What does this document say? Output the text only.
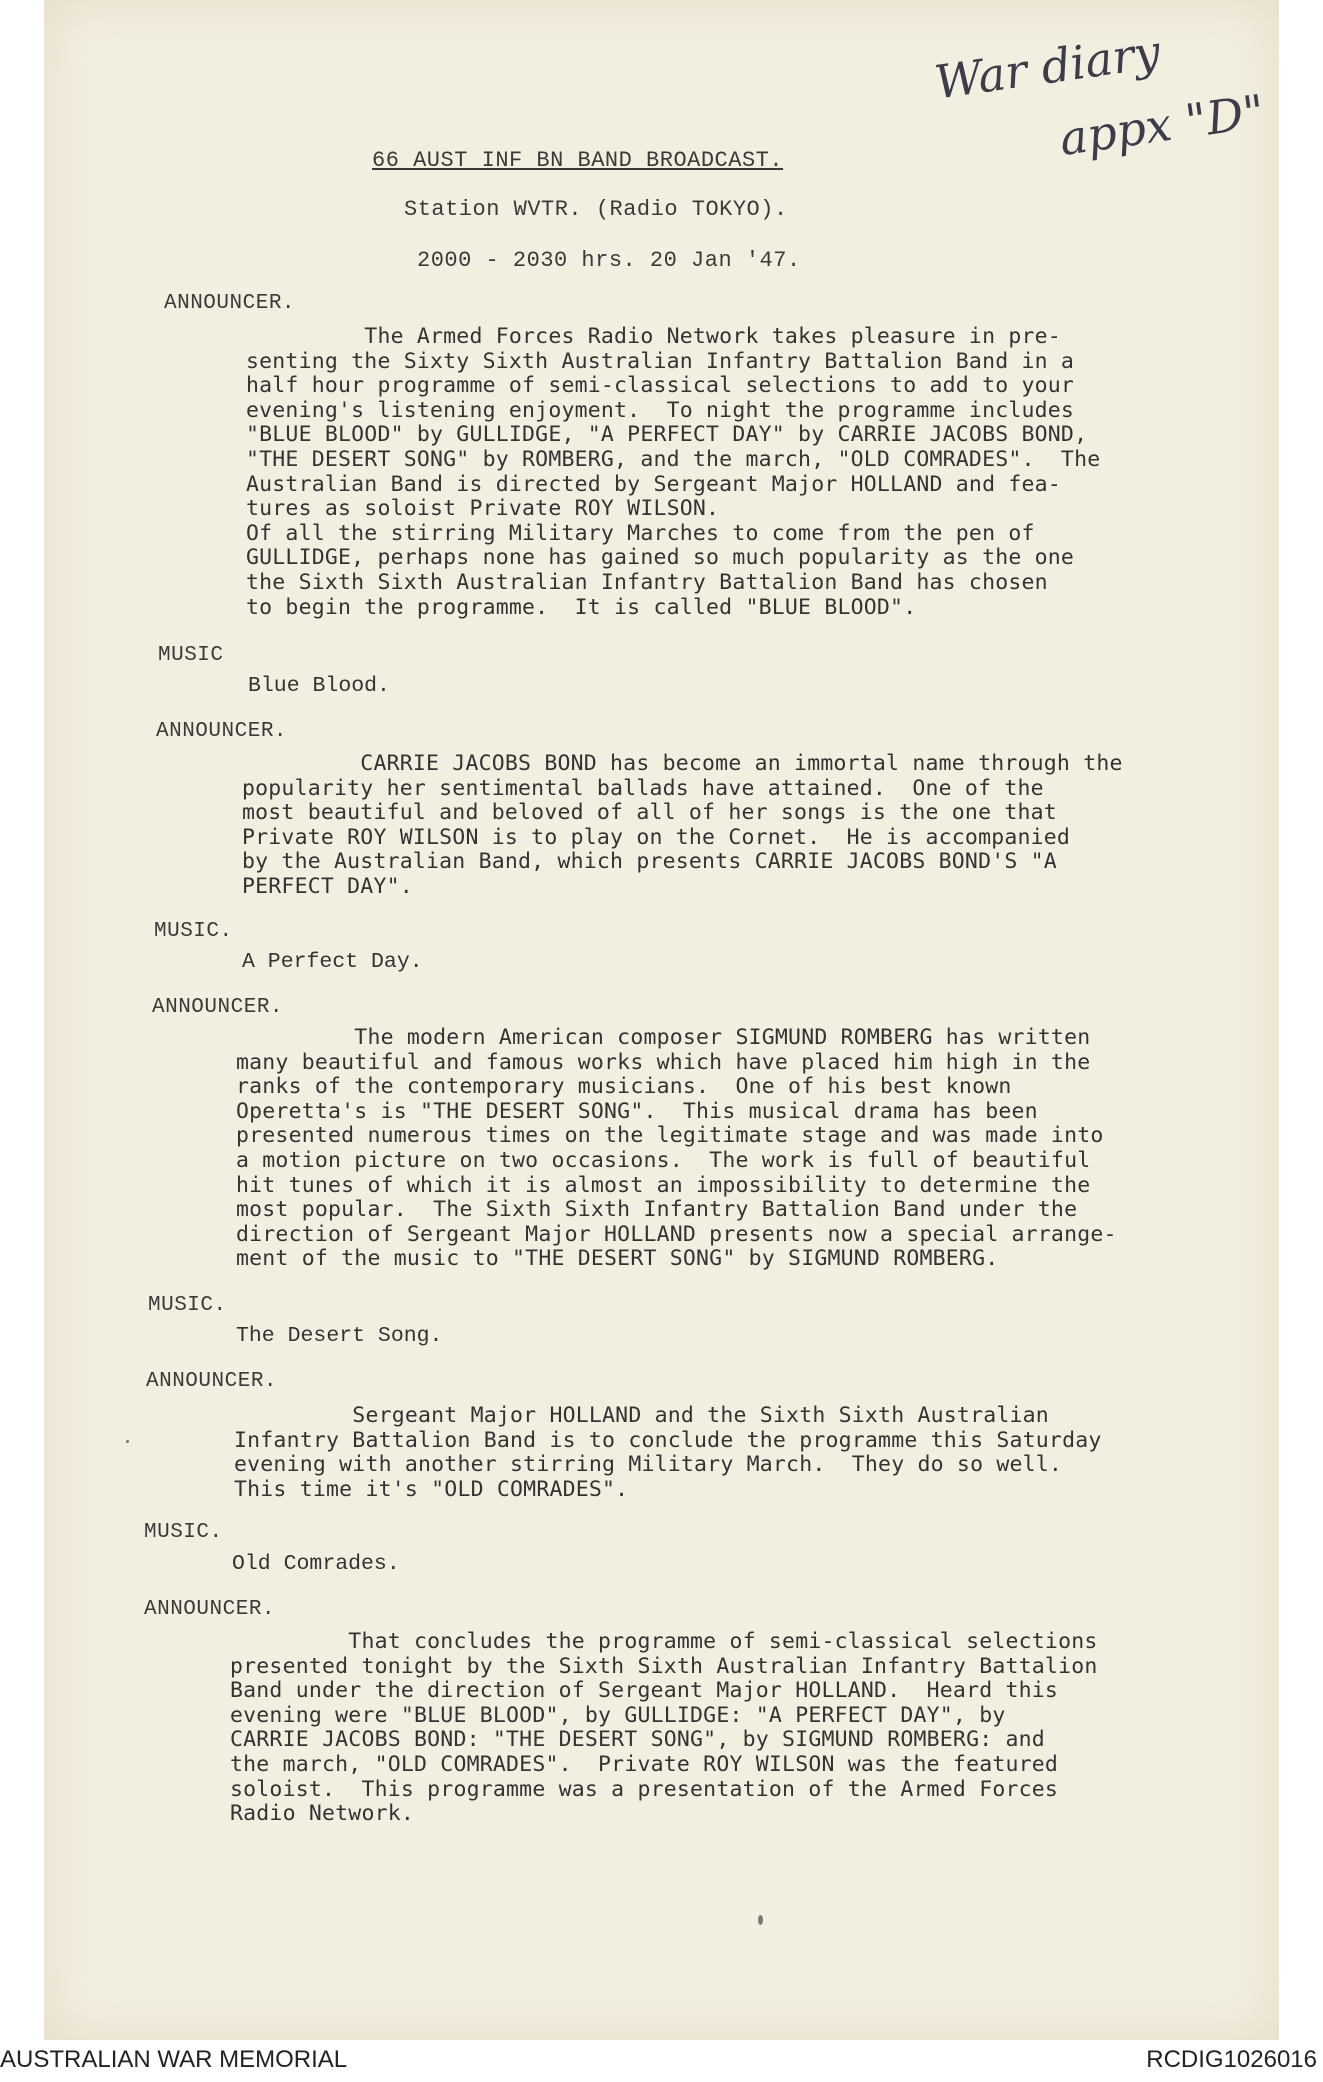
War diary
appx "D"
66 AUST INF BN BAND BROADCAST.
Station WVTR. (Radio TOKYO).
2000 - 2030 hrs. 20 Jan '47.
ANNOUNCER.
The Armed Forces Radio Network takes pleasure in pre-
senting the Sixty Sixth Australian Infantry Battalion Band in a
half hour programme of semi-classical selections to add to your
evening's listening enjoyment.  To night the programme includes
"BLUE BLOOD" by GULLIDGE, "A PERFECT DAY" by CARRIE JACOBS BOND,
"THE DESERT SONG" by ROMBERG, and the march, "OLD COMRADES".  The
Australian Band is directed by Sergeant Major HOLLAND and fea-
tures as soloist Private ROY WILSON.
Of all the stirring Military Marches to come from the pen of
GULLIDGE, perhaps none has gained so much popularity as the one
the Sixth Sixth Australian Infantry Battalion Band has chosen
to begin the programme.  It is called "BLUE BLOOD".
MUSIC
Blue Blood.
ANNOUNCER.
CARRIE JACOBS BOND has become an immortal name through the
popularity her sentimental ballads have attained.  One of the
most beautiful and beloved of all of her songs is the one that
Private ROY WILSON is to play on the Cornet.  He is accompanied
by the Australian Band, which presents CARRIE JACOBS BOND'S "A
PERFECT DAY".
MUSIC.
A Perfect Day.
ANNOUNCER.
The modern American composer SIGMUND ROMBERG has written
many beautiful and famous works which have placed him high in the
ranks of the contemporary musicians.  One of his best known
Operetta's is "THE DESERT SONG".  This musical drama has been
presented numerous times on the legitimate stage and was made into
a motion picture on two occasions.  The work is full of beautiful
hit tunes of which it is almost an impossibility to determine the
most popular.  The Sixth Sixth Infantry Battalion Band under the
direction of Sergeant Major HOLLAND presents now a special arrange-
ment of the music to "THE DESERT SONG" by SIGMUND ROMBERG.
MUSIC.
The Desert Song.
ANNOUNCER.
Sergeant Major HOLLAND and the Sixth Sixth Australian
Infantry Battalion Band is to conclude the programme this Saturday
evening with another stirring Military March.  They do so well.
This time it's "OLD COMRADES".
MUSIC.
Old Comrades.
ANNOUNCER.
That concludes the programme of semi-classical selections
presented tonight by the Sixth Sixth Australian Infantry Battalion
Band under the direction of Sergeant Major HOLLAND.  Heard this
evening were "BLUE BLOOD", by GULLIDGE: "A PERFECT DAY", by
CARRIE JACOBS BOND: "THE DESERT SONG", by SIGMUND ROMBERG: and
the march, "OLD COMRADES".  Private ROY WILSON was the featured
soloist.  This programme was a presentation of the Armed Forces
Radio Network.
AUSTRALIAN WAR MEMORIAL	RCDIG1026016
